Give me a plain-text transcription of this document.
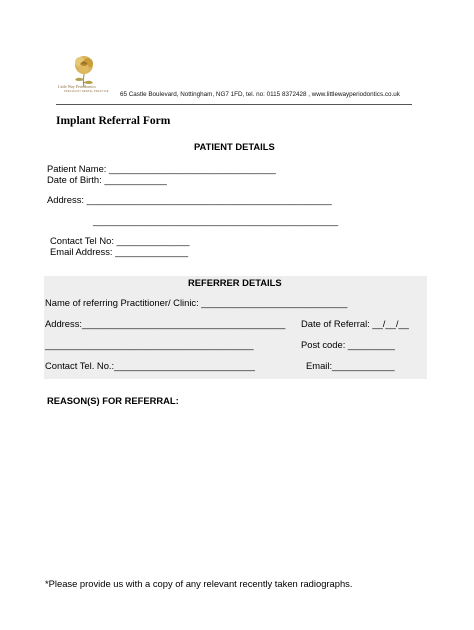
Little Way Periodontics
SPECIALIST DENTAL PRACTICE 65 Castle Boulevard, Nottingham, NG7 1FD, tel. no: 0115 8372428 , www.littlewayperiodontics.co.uk
Implant Referral Form
PATIENT DETAILS
Patient Name: ________________________________
Date of Birth: ____________
Address: _______________________________________________
_______________________________________________
Contact Tel No: ______________
Email Address: ______________
REFERRER DETAILS
Name of referring Practitioner/ Clinic: ____________________________
Address:_______________________________________ Date of Referral: __/__/__
________________________________________	Post code: _________
Contact Tel. No.:___________________________	Email:____________
REASON(S) FOR REFERRAL:
*Please provide us with a copy of any relevant recently taken radiographs.
